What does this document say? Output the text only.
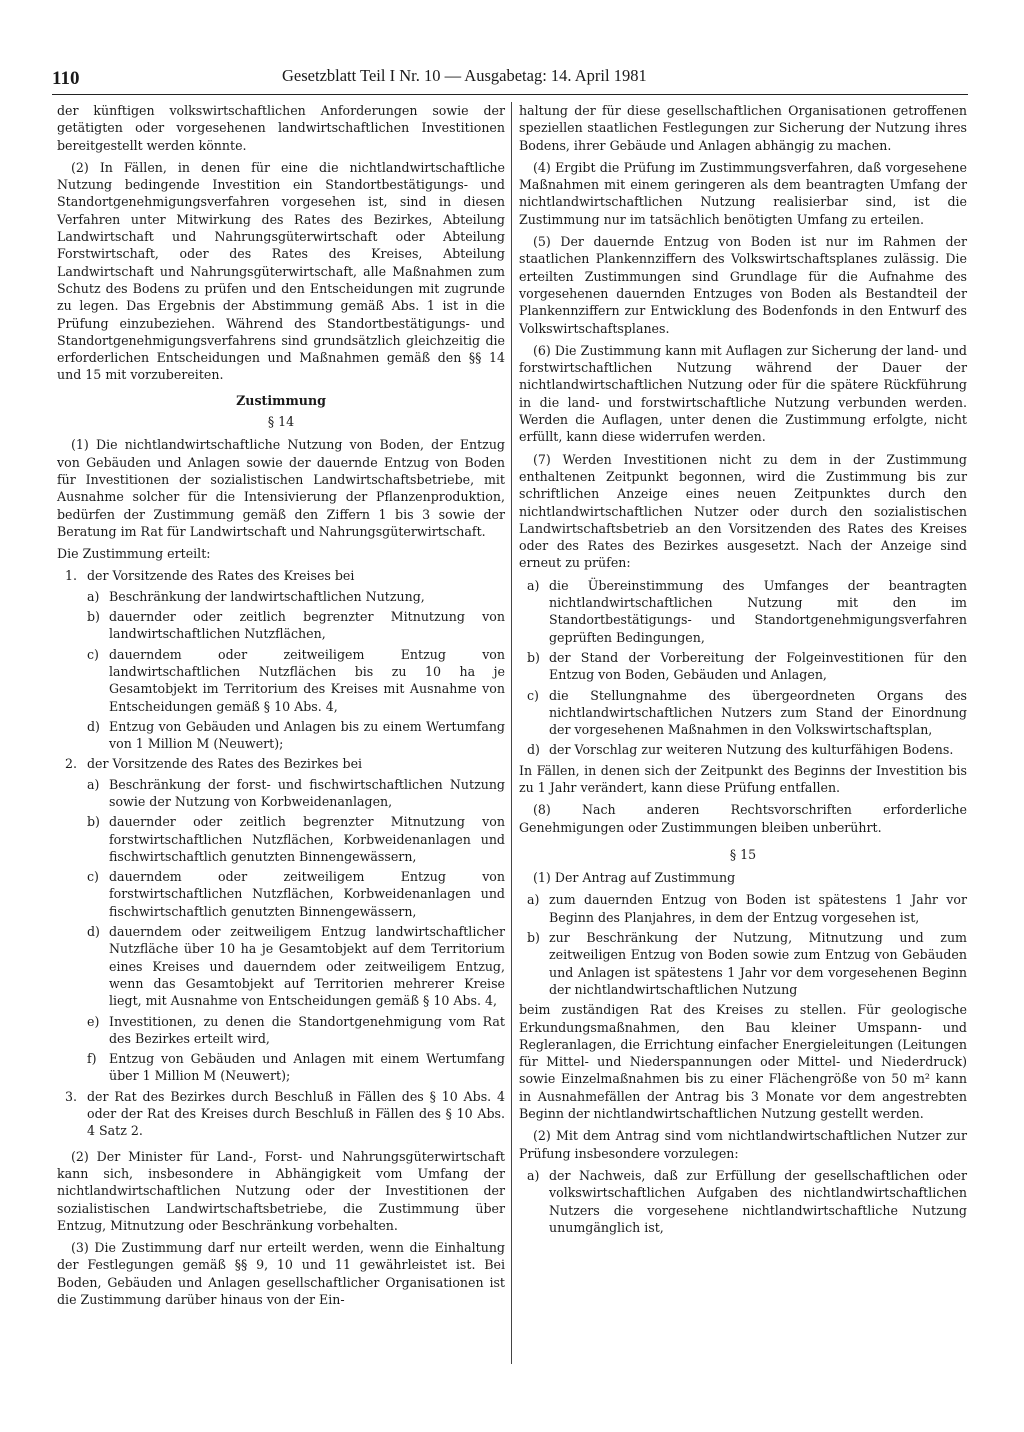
110	Gesetzblatt Teil I Nr. 10 — Ausgabetag: 14. April 1981

der künftigen volkswirtschaftlichen Anforderungen sowie der getätigten oder vorgesehenen landwirtschaftlichen Investitionen bereitgestellt werden könnte.

(2) In Fällen, in denen für eine die nichtlandwirtschaftliche Nutzung bedingende Investition ein Standortbestätigungs- und Standortgenehmigungsverfahren vorgesehen ist, sind in diesen Verfahren unter Mitwirkung des Rates des Bezirkes, Abteilung Landwirtschaft und Nahrungsgüterwirtschaft oder Abteilung Forstwirtschaft, oder des Rates des Kreises, Abteilung Landwirtschaft und Nahrungsgüterwirtschaft, alle Maßnahmen zum Schutz des Bodens zu prüfen und den Entscheidungen mit zugrunde zu legen. Das Ergebnis der Abstimmung gemäß Abs. 1 ist in die Prüfung einzubeziehen. Während des Standortbestätigungs- und Standortgenehmigungsverfahrens sind grundsätzlich gleichzeitig die erforderlichen Entscheidungen und Maßnahmen gemäß den §§ 14 und 15 mit vorzubereiten.

Zustimmung
§ 14

(1) Die nichtlandwirtschaftliche Nutzung von Boden, der Entzug von Gebäuden und Anlagen sowie der dauernde Entzug von Boden für Investitionen der sozialistischen Landwirtschaftsbetriebe, mit Ausnahme solcher für die Intensivierung der Pflanzenproduktion, bedürfen der Zustimmung gemäß den Ziffern 1 bis 3 sowie der Beratung im Rat für Landwirtschaft und Nahrungsgüterwirtschaft.

Die Zustimmung erteilt:

1. der Vorsitzende des Rates des Kreises bei
a) Beschränkung der landwirtschaftlichen Nutzung,
b) dauernder oder zeitlich begrenzter Mitnutzung von landwirtschaftlichen Nutzflächen,
c) dauerndem oder zeitweiligem Entzug von landwirtschaftlichen Nutzflächen bis zu 10 ha je Gesamtobjekt im Territorium des Kreises mit Ausnahme von Entscheidungen gemäß § 10 Abs. 4,
d) Entzug von Gebäuden und Anlagen bis zu einem Wertumfang von 1 Million M (Neuwert);
2. der Vorsitzende des Rates des Bezirkes bei
a) Beschränkung der forst- und fischwirtschaftlichen Nutzung sowie der Nutzung von Korbweidenanlagen,
b) dauernder oder zeitlich begrenzter Mitnutzung von forstwirtschaftlichen Nutzflächen, Korbweidenanlagen und fischwirtschaftlich genutzten Binnengewässern,
c) dauerndem oder zeitweiligem Entzug von forstwirtschaftlichen Nutzflächen, Korbweidenanlagen und fischwirtschaftlich genutzten Binnengewässern,
d) dauerndem oder zeitweiligem Entzug landwirtschaftlicher Nutzfläche über 10 ha je Gesamtobjekt auf dem Territorium eines Kreises und dauerndem oder zeitweiligem Entzug, wenn das Gesamtobjekt auf Territorien mehrerer Kreise liegt, mit Ausnahme von Entscheidungen gemäß § 10 Abs. 4,
e) Investitionen, zu denen die Standortgenehmigung vom Rat des Bezirkes erteilt wird,
f) Entzug von Gebäuden und Anlagen mit einem Wertumfang über 1 Million M (Neuwert);
3. der Rat des Bezirkes durch Beschluß in Fällen des § 10 Abs. 4 oder der Rat des Kreises durch Beschluß in Fällen des § 10 Abs. 4 Satz 2.

(2) Der Minister für Land-, Forst- und Nahrungsgüterwirtschaft kann sich, insbesondere in Abhängigkeit vom Umfang der nichtlandwirtschaftlichen Nutzung oder der Investitionen der sozialistischen Landwirtschaftsbetriebe, die Zustimmung über Entzug, Mitnutzung oder Beschränkung vorbehalten.

(3) Die Zustimmung darf nur erteilt werden, wenn die Einhaltung der Festlegungen gemäß §§ 9, 10 und 11 gewährleistet ist. Bei Boden, Gebäuden und Anlagen gesellschaftlicher Organisationen ist die Zustimmung darüber hinaus von der Ein-

haltung der für diese gesellschaftlichen Organisationen getroffenen speziellen staatlichen Festlegungen zur Sicherung der Nutzung ihres Bodens, ihrer Gebäude und Anlagen abhängig zu machen.

(4) Ergibt die Prüfung im Zustimmungsverfahren, daß vorgesehene Maßnahmen mit einem geringeren als dem beantragten Umfang der nichtlandwirtschaftlichen Nutzung realisierbar sind, ist die Zustimmung nur im tatsächlich benötigten Umfang zu erteilen.

(5) Der dauernde Entzug von Boden ist nur im Rahmen der staatlichen Plankennziffern des Volkswirtschaftsplanes zulässig. Die erteilten Zustimmungen sind Grundlage für die Aufnahme des vorgesehenen dauernden Entzuges von Boden als Bestandteil der Plankennziffern zur Entwicklung des Bodenfonds in den Entwurf des Volkswirtschaftsplanes.

(6) Die Zustimmung kann mit Auflagen zur Sicherung der land- und forstwirtschaftlichen Nutzung während der Dauer der nichtlandwirtschaftlichen Nutzung oder für die spätere Rückführung in die land- und forstwirtschaftliche Nutzung verbunden werden. Werden die Auflagen, unter denen die Zustimmung erfolgte, nicht erfüllt, kann diese widerrufen werden.

(7) Werden Investitionen nicht zu dem in der Zustimmung enthaltenen Zeitpunkt begonnen, wird die Zustimmung bis zur schriftlichen Anzeige eines neuen Zeitpunktes durch den nichtlandwirtschaftlichen Nutzer oder durch den sozialistischen Landwirtschaftsbetrieb an den Vorsitzenden des Rates des Kreises oder des Rates des Bezirkes ausgesetzt. Nach der Anzeige sind erneut zu prüfen:

a) die Übereinstimmung des Umfanges der beantragten nichtlandwirtschaftlichen Nutzung mit den im Standortbestätigungs- und Standortgenehmigungsverfahren geprüften Bedingungen,
b) der Stand der Vorbereitung der Folgeinvestitionen für den Entzug von Boden, Gebäuden und Anlagen,
c) die Stellungnahme des übergeordneten Organs des nichtlandwirtschaftlichen Nutzers zum Stand der Einordnung der vorgesehenen Maßnahmen in den Volkswirtschaftsplan,
d) der Vorschlag zur weiteren Nutzung des kulturfähigen Bodens.

In Fällen, in denen sich der Zeitpunkt des Beginns der Investition bis zu 1 Jahr verändert, kann diese Prüfung entfallen.

(8) Nach anderen Rechtsvorschriften erforderliche Genehmigungen oder Zustimmungen bleiben unberührt.

§ 15

(1) Der Antrag auf Zustimmung

a) zum dauernden Entzug von Boden ist spätestens 1 Jahr vor Beginn des Planjahres, in dem der Entzug vorgesehen ist,
b) zur Beschränkung der Nutzung, Mitnutzung und zum zeitweiligen Entzug von Boden sowie zum Entzug von Gebäuden und Anlagen ist spätestens 1 Jahr vor dem vorgesehenen Beginn der nichtlandwirtschaftlichen Nutzung

beim zuständigen Rat des Kreises zu stellen. Für geologische Erkundungsmaßnahmen, den Bau kleiner Umspann- und Regleranlagen, die Errichtung einfacher Energieleitungen (Leitungen für Mittel- und Niederspannungen oder Mittel- und Niederdruck) sowie Einzelmaßnahmen bis zu einer Flächengröße von 50 m² kann in Ausnahmefällen der Antrag bis 3 Monate vor dem angestrebten Beginn der nichtlandwirtschaftlichen Nutzung gestellt werden.

(2) Mit dem Antrag sind vom nichtlandwirtschaftlichen Nutzer zur Prüfung insbesondere vorzulegen:

a) der Nachweis, daß zur Erfüllung der gesellschaftlichen oder volkswirtschaftlichen Aufgaben des nichtlandwirtschaftlichen Nutzers die vorgesehene nichtlandwirtschaftliche Nutzung unumgänglich ist,
